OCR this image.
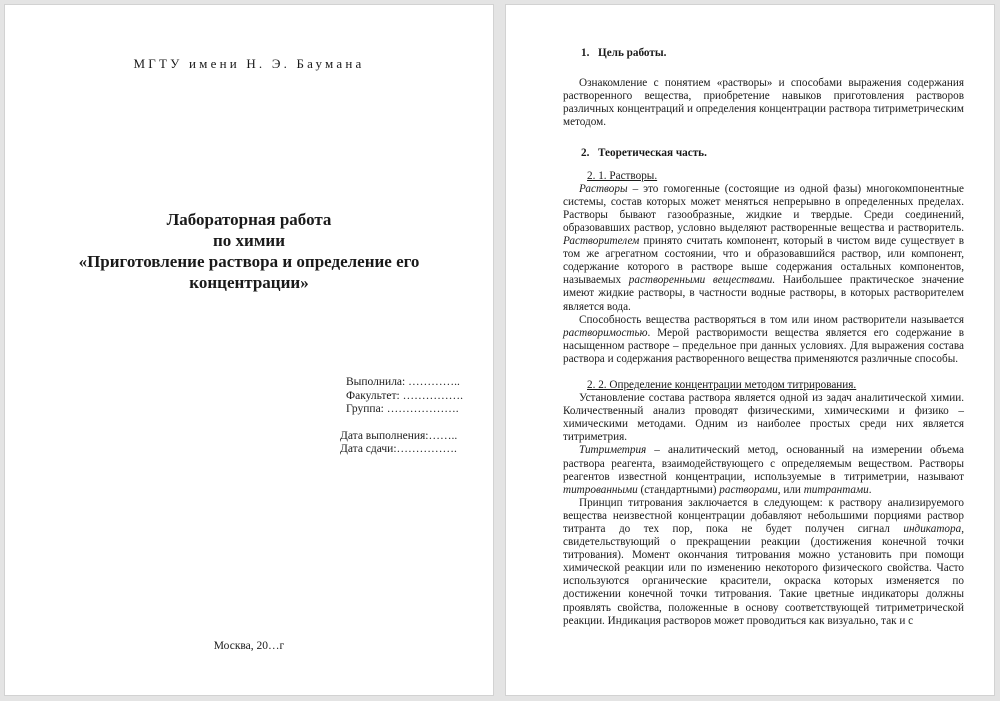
МГТУ имени Н. Э. Баумана
Лабораторная работа
по химии
«Приготовление раствора и определение его
концентрации»
Выполнила: …………..
Факультет: …………….
Группа: ……………….
Дата выполнения:……..
Дата сдачи:…………….
Москва, 20…г

1. Цель работы.

Ознакомление с понятием «растворы» и способами выражения содержания растворенного вещества, приобретение навыков приготовления растворов различных концентраций и определения концентрации раствора титриметрическим методом.

2. Теоретическая часть.

2. 1. Растворы.

Растворы – это гомогенные (состоящие из одной фазы) многокомпонентные системы, состав которых может меняться непрерывно в определенных пределах. Растворы бывают газообразные, жидкие и твердые. Среди соединений, образовавших раствор, условно выделяют растворенные вещества и растворитель. Растворителем принято считать компонент, который в чистом виде существует в том же агрегатном состоянии, что и образовавшийся раствор, или компонент, содержание которого в растворе выше содержания остальных компонентов, называемых растворенными веществами. Наибольшее практическое значение имеют жидкие растворы, в частности водные растворы, в которых растворителем является вода.

Способность вещества растворяться в том или ином растворители называется растворимостью. Мерой растворимости вещества является его содержание в насыщенном растворе – предельное при данных условиях. Для выражения состава раствора и содержания растворенного вещества применяются различные способы.

2. 2. Определение концентрации методом титрирования.

Установление состава раствора является одной из задач аналитической химии. Количественный анализ проводят физическими, химическими и физико – химическими методами. Одним из наиболее простых среди них является титриметрия.

Титриметрия – аналитический метод, основанный на измерении объема раствора реагента, взаимодействующего с определяемым веществом. Растворы реагентов известной концентрации, используемые в титриметрии, называют титрованными (стандартными) растворами, или титрантами.

Принцип титрования заключается в следующем: к раствору анализируемого вещества неизвестной концентрации добавляют небольшими порциями раствор титранта до тех пор, пока не будет получен сигнал индикатора, свидетельствующий о прекращении реакции (достижения конечной точки титрования). Момент окончания титрования можно установить при помощи химической реакции или по изменению некоторого физического свойства. Часто используются органические красители, окраска которых изменяется по достижении конечной точки титрования. Такие цветные индикаторы должны проявлять свойства, положенные в основу соответствующей титриметрической реакции. Индикация растворов может проводиться как визуально, так и с
